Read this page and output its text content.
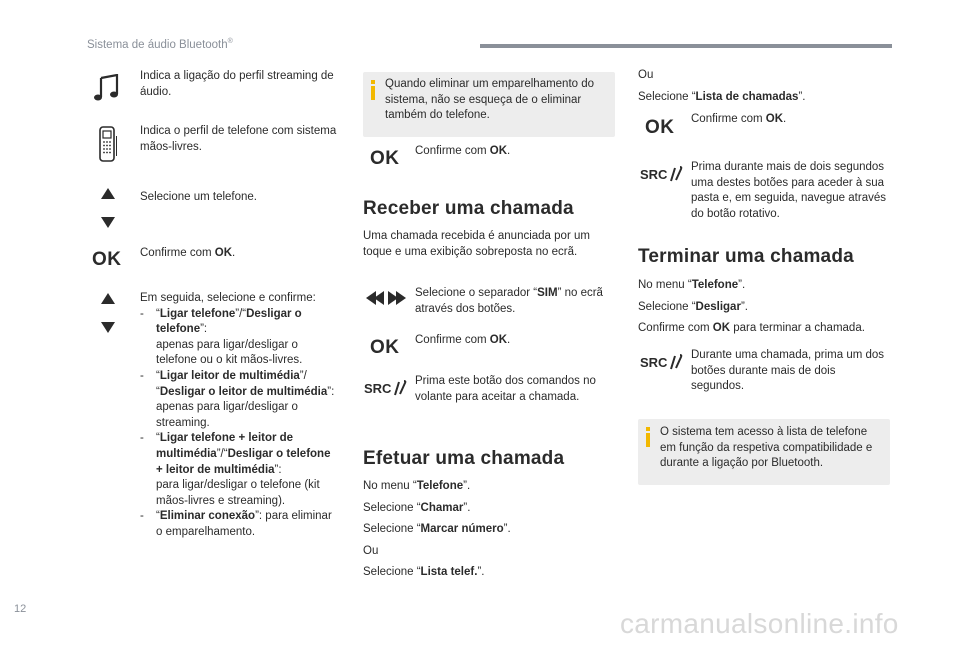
Sistema de áudio Bluetooth®
Indica a ligação do perfil streaming de áudio.
Indica o perfil de telefone com sistema mãos-livres.
Selecione um telefone.
OK Confirme com OK.
Em seguida, selecione e confirme:
-	“Ligar telefone”/“Desligar o telefone”:
apenas para ligar/desligar o telefone ou o kit mãos-livres.
-	“Ligar leitor de multimédia”/
“Desligar o leitor de multimédia”:
apenas para ligar/desligar o streaming.
-	“Ligar telefone + leitor de multimédia”/“Desligar o telefone + leitor de multimédia”:
para ligar/desligar o telefone (kit mãos-livres e streaming).
-	“Eliminar conexão”: para eliminar o emparelhamento.
Quando eliminar um emparelhamento do sistema, não se esqueça de o eliminar também do telefone.
OK Confirme com OK.
Receber uma chamada
Uma chamada recebida é anunciada por um toque e uma exibição sobreposta no ecrã.
Selecione o separador “SIM” no ecrã através dos botões.
OK Confirme com OK.
SRC Prima este botão dos comandos no volante para aceitar a chamada.
Efetuar uma chamada
No menu “Telefone”.
Selecione “Chamar”.
Selecione “Marcar número”.
Ou
Selecione “Lista telef.”.
Ou
Selecione “Lista de chamadas”.
OK Confirme com OK.
SRC Prima durante mais de dois segundos uma destes botões para aceder à sua pasta e, em seguida, navegue através do botão rotativo.
Terminar uma chamada
No menu “Telefone”.
Selecione “Desligar”.
Confirme com OK para terminar a chamada.
SRC Durante uma chamada, prima um dos botões durante mais de dois segundos.
O sistema tem acesso à lista de telefone em função da respetiva compatibilidade e durante a ligação por Bluetooth.
12	carmanualsonline.info
